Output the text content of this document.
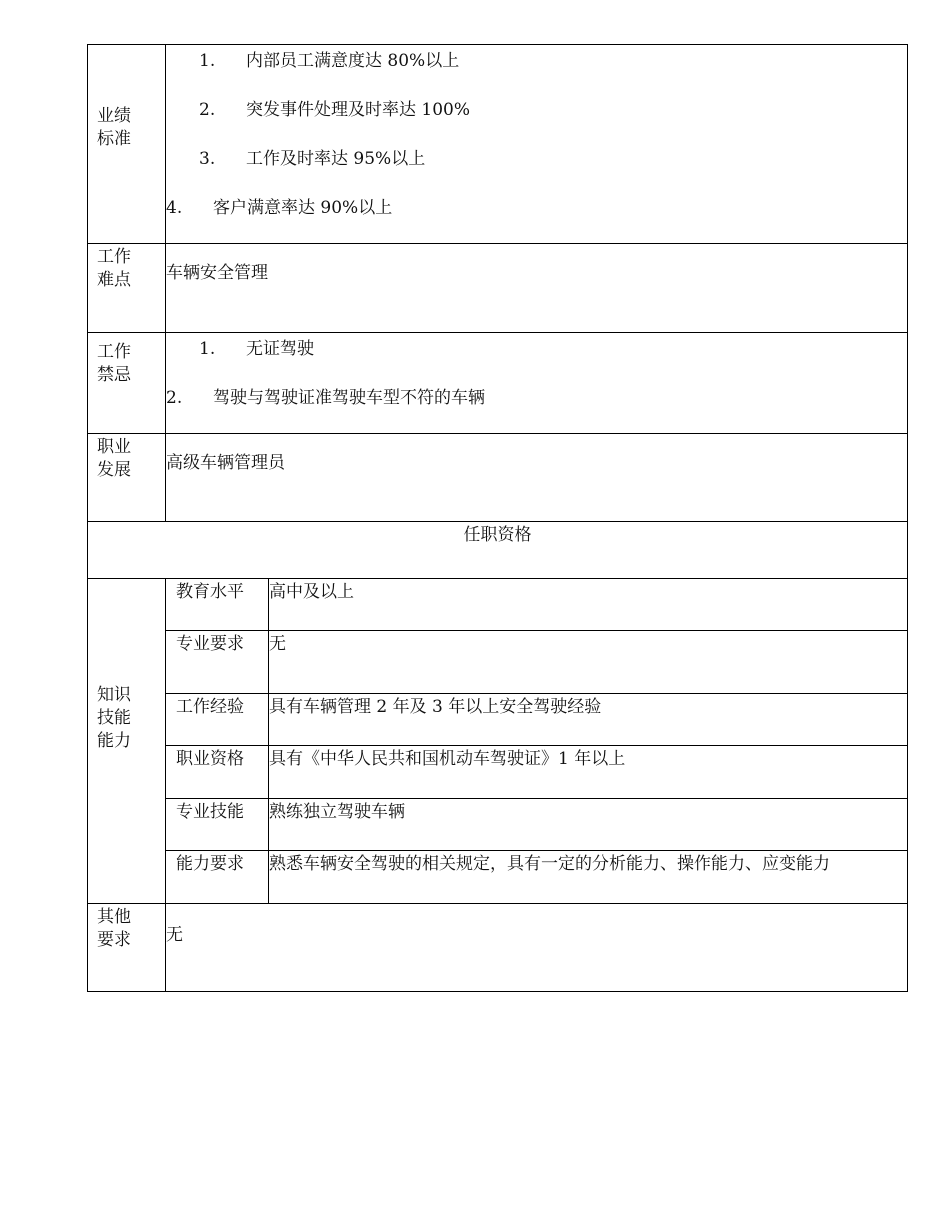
业绩
标准	1. 内部员工满意度达 80%以上
2. 突发事件处理及时率达 100%
3. 工作及时率达 95%以上
4. 客户满意率达 90%以上	

工作
难点	车辆安全管理	

工作
禁忌	1. 无证驾驶
2. 驾驶与驾驶证准驾驶车型不符的车辆	

职业
发展	高级车辆管理员	

任职资格		

知识
技能
能力	教育水平	高中及以上
	专业要求	无
	工作经验	具有车辆管理 2 年及 3 年以上安全驾驶经验
	职业资格	具有《中华人民共和国机动车驾驶证》1 年以上
	专业技能	熟练独立驾驶车辆
	能力要求	熟悉车辆安全驾驶的相关规定，具有一定的分析能力、操作能力、应变能力

其他
要求	无	
